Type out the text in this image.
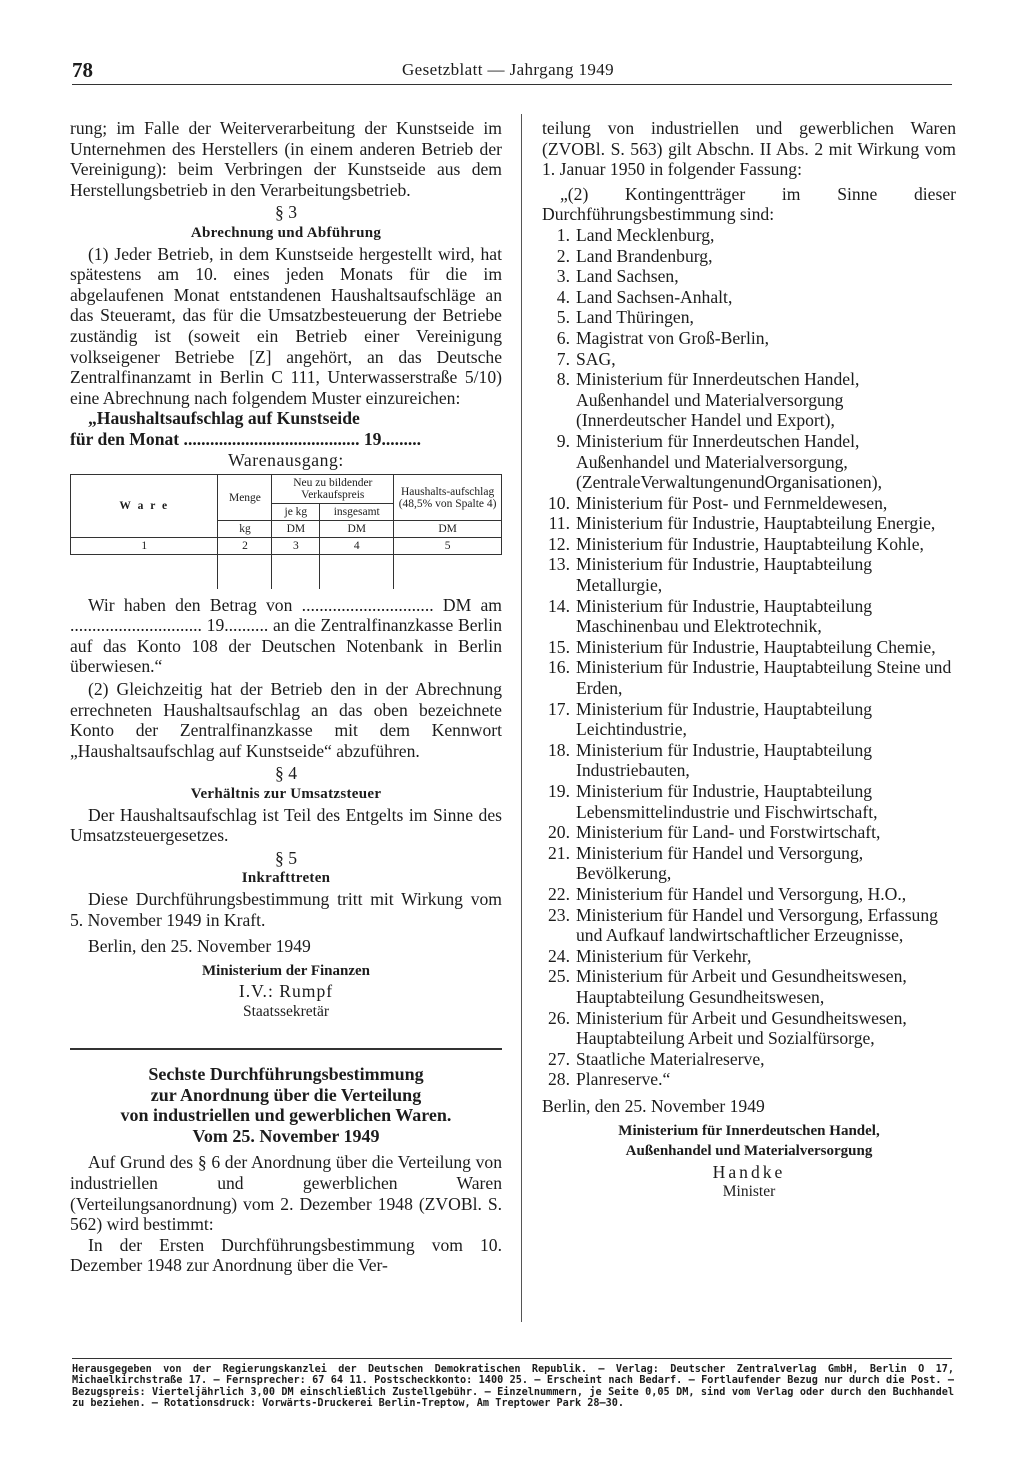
78	Gesetzblatt — Jahrgang 1949

rung; im Falle der Weiterverarbeitung der Kunstseide im Unternehmen des Herstellers (in einem anderen Betrieb der Vereinigung): beim Verbringen der Kunstseide aus dem Herstellungsbetrieb in den Verarbeitungsbetrieb.

§ 3
Abrechnung und Abführung

(1) Jeder Betrieb, in dem Kunstseide hergestellt wird, hat spätestens am 10. eines jeden Monats für die im abgelaufenen Monat entstandenen Haushaltsaufschläge an das Steueramt, das für die Umsatzbesteuerung der Betriebe zuständig ist (soweit ein Betrieb einer Vereinigung volkseigener Betriebe [Z] angehört, an das Deutsche Zentralfinanzamt in Berlin C 111, Unterwasserstraße 5/10) eine Abrechnung nach folgendem Muster einzureichen:

„Haushaltsaufschlag auf Kunstseide
für den Monat ........................................ 19.........
Warenausgang:
W a r e	Menge	Neu zu bildender Verkaufspreis		Haushalts-aufschlag (48,5% von Spalte 4)
		je kg	insgesamt	
	kg	DM	DM	DM
1	2	3	4	5

Wir haben den Betrag von .............................. DM am .............................. 19.......... an die Zentralfinanzkasse Berlin auf das Konto 108 der Deutschen Notenbank in Berlin überwiesen.“

(2) Gleichzeitig hat der Betrieb den in der Abrechnung errechneten Haushaltsaufschlag an das oben bezeichnete Konto der Zentralfinanzkasse mit dem Kennwort „Haushaltsaufschlag auf Kunstseide“ abzuführen.

§ 4
Verhältnis zur Umsatzsteuer

Der Haushaltsaufschlag ist Teil des Entgelts im Sinne des Umsatzsteuergesetzes.

§ 5
Inkrafttreten

Diese Durchführungsbestimmung tritt mit Wirkung vom 5. November 1949 in Kraft.

Berlin, den 25. November 1949

Ministerium der Finanzen
I.V.: Rumpf
Staatssekretär
Sechste Durchführungsbestimmung
zur Anordnung über die Verteilung
von industriellen und gewerblichen Waren.
Vom 25. November 1949

Auf Grund des § 6 der Anordnung über die Verteilung von industriellen und gewerblichen Waren (Verteilungsanordnung) vom 2. Dezember 1948 (ZVOBl. S. 562) wird bestimmt:

In der Ersten Durchführungsbestimmung vom 10. Dezember 1948 zur Anordnung über die Ver-

teilung von industriellen und gewerblichen Waren (ZVOBl. S. 563) gilt Abschn. II Abs. 2 mit Wirkung vom 1. Januar 1950 in folgender Fassung:

„(2) Kontingentträger im Sinne dieser Durchführungsbestimmung sind:

1. Land Mecklenburg,
2. Land Brandenburg,
3. Land Sachsen,
4. Land Sachsen-Anhalt,
5. Land Thüringen,
6. Magistrat von Groß-Berlin,
7. SAG,
8. Ministerium für Innerdeutschen Handel, Außenhandel und Materialversorgung (Innerdeutscher Handel und Export),
9. Ministerium für Innerdeutschen Handel, Außenhandel und Materialversorgung, (ZentraleVerwaltungenundOrganisationen),
10. Ministerium für Post- und Fernmeldewesen,
11. Ministerium für Industrie, Hauptabteilung Energie,
12. Ministerium für Industrie, Hauptabteilung Kohle,
13. Ministerium für Industrie, Hauptabteilung Metallurgie,
14. Ministerium für Industrie, Hauptabteilung Maschinenbau und Elektrotechnik,
15. Ministerium für Industrie, Hauptabteilung Chemie,
16. Ministerium für Industrie, Hauptabteilung Steine und Erden,
17. Ministerium für Industrie, Hauptabteilung Leichtindustrie,
18. Ministerium für Industrie, Hauptabteilung Industriebauten,
19. Ministerium für Industrie, Hauptabteilung Lebensmittelindustrie und Fischwirtschaft,
20. Ministerium für Land- und Forstwirtschaft,
21. Ministerium für Handel und Versorgung, Bevölkerung,
22. Ministerium für Handel und Versorgung, H.O.,
23. Ministerium für Handel und Versorgung, Erfassung und Aufkauf landwirtschaftlicher Erzeugnisse,
24. Ministerium für Verkehr,
25. Ministerium für Arbeit und Gesundheitswesen, Hauptabteilung Gesundheitswesen,
26. Ministerium für Arbeit und Gesundheitswesen, Hauptabteilung Arbeit und Sozialfürsorge,
27. Staatliche Materialreserve,
28. Planreserve.“

Berlin, den 25. November 1949

Ministerium für Innerdeutschen Handel,
Außenhandel und Materialversorgung
Handke
Minister
Herausgegeben von der Regierungskanzlei der Deutschen Demokratischen Republik. — Verlag: Deutscher Zentralverlag GmbH, Berlin O 17, Michaelkirchstraße 17. — Fernsprecher: 67 64 11. Postscheckkonto: 1400 25. — Erscheint nach Bedarf. — Fortlaufender Bezug nur durch die Post. — Bezugspreis: Vierteljährlich 3,00 DM einschließlich Zustellgebühr. — Einzelnummern, je Seite 0,05 DM, sind vom Verlag oder durch den Buchhandel zu beziehen. — Rotationsdruck: Vorwärts-Druckerei Berlin-Treptow, Am Treptower Park 28—30.
